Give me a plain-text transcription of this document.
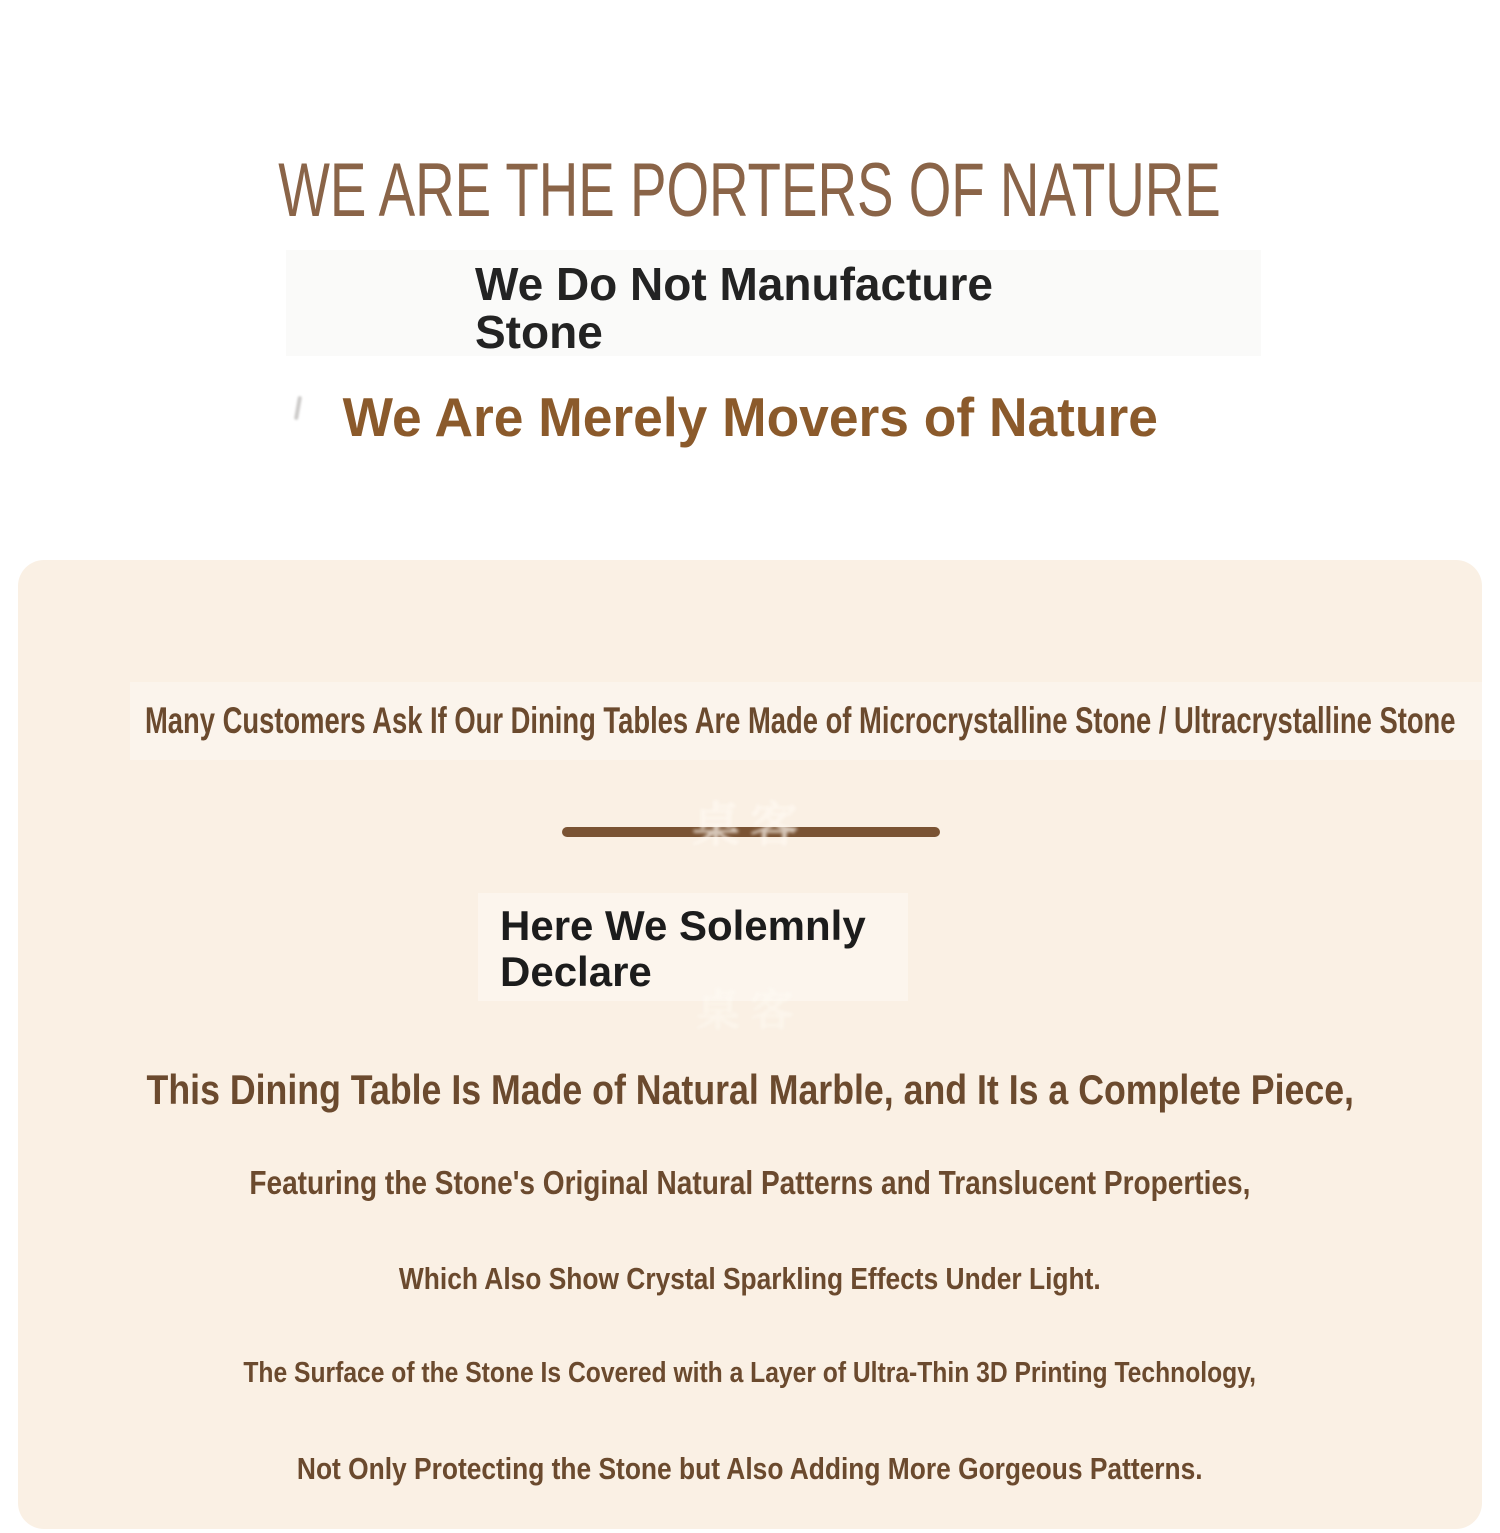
WE ARE THE PORTERS OF NATURE
We Do Not Manufacture Stone
We Are Merely Movers of Nature
Many Customers Ask If Our Dining Tables Are Made of Microcrystalline Stone / Ultracrystalline Stone
桌客
Here We Solemnly Declare
桌客
This Dining Table Is Made of Natural Marble, and It Is a Complete Piece,
Featuring the Stone's Original Natural Patterns and Translucent Properties,
Which Also Show Crystal Sparkling Effects Under Light.
The Surface of the Stone Is Covered with a Layer of Ultra-Thin 3D Printing Technology,
Not Only Protecting the Stone but Also Adding More Gorgeous Patterns.
